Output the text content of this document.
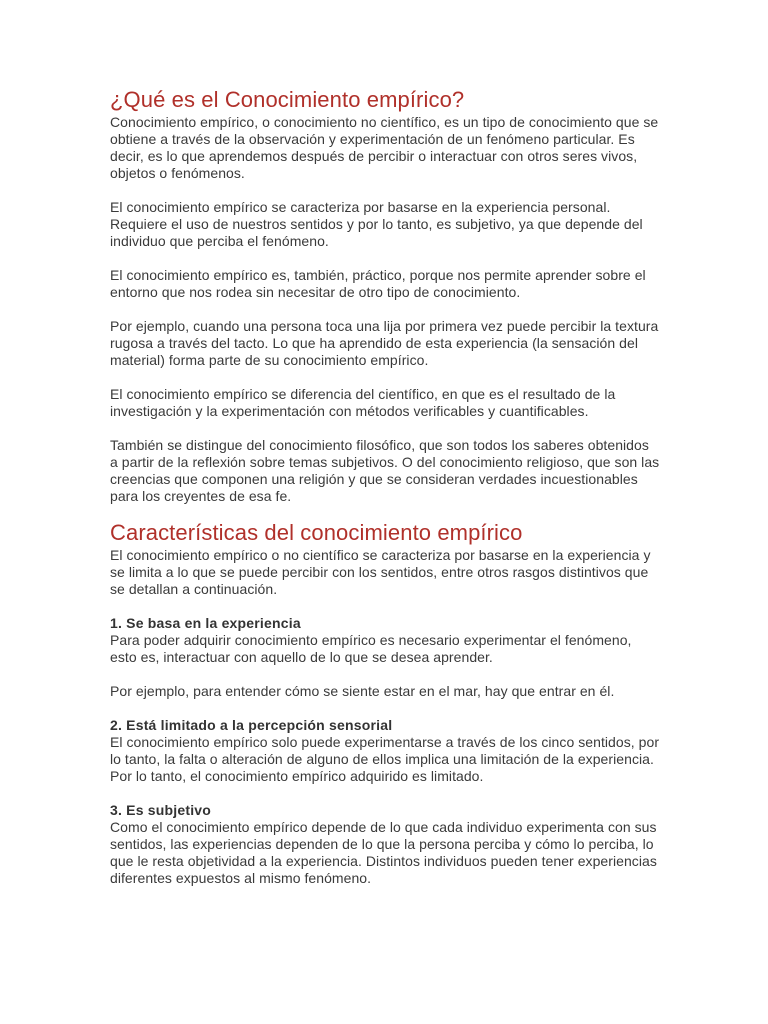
¿Qué es el Conocimiento empírico?

Conocimiento empírico, o conocimiento no científico, es un tipo de conocimiento que se obtiene a través de la observación y experimentación de un fenómeno particular. Es decir, es lo que aprendemos después de percibir o interactuar con otros seres vivos, objetos o fenómenos.

El conocimiento empírico se caracteriza por basarse en la experiencia personal. Requiere el uso de nuestros sentidos y por lo tanto, es subjetivo, ya que depende del individuo que perciba el fenómeno.

El conocimiento empírico es, también, práctico, porque nos permite aprender sobre el entorno que nos rodea sin necesitar de otro tipo de conocimiento.

Por ejemplo, cuando una persona toca una lija por primera vez puede percibir la textura rugosa a través del tacto. Lo que ha aprendido de esta experiencia (la sensación del material) forma parte de su conocimiento empírico.

El conocimiento empírico se diferencia del científico, en que es el resultado de la investigación y la experimentación con métodos verificables y cuantificables.

También se distingue del conocimiento filosófico, que son todos los saberes obtenidos a partir de la reflexión sobre temas subjetivos. O del conocimiento religioso, que son las creencias que componen una religión y que se consideran verdades incuestionables para los creyentes de esa fe.

Características del conocimiento empírico

El conocimiento empírico o no científico se caracteriza por basarse en la experiencia y se limita a lo que se puede percibir con los sentidos, entre otros rasgos distintivos que se detallan a continuación.

1. Se basa en la experiencia

Para poder adquirir conocimiento empírico es necesario experimentar el fenómeno, esto es, interactuar con aquello de lo que se desea aprender.

Por ejemplo, para entender cómo se siente estar en el mar, hay que entrar en él.

2. Está limitado a la percepción sensorial

El conocimiento empírico solo puede experimentarse a través de los cinco sentidos, por lo tanto, la falta o alteración de alguno de ellos implica una limitación de la experiencia. Por lo tanto, el conocimiento empírico adquirido es limitado.

3. Es subjetivo

Como el conocimiento empírico depende de lo que cada individuo experimenta con sus sentidos, las experiencias dependen de lo que la persona perciba y cómo lo perciba, lo que le resta objetividad a la experiencia. Distintos individuos pueden tener experiencias diferentes expuestos al mismo fenómeno.
